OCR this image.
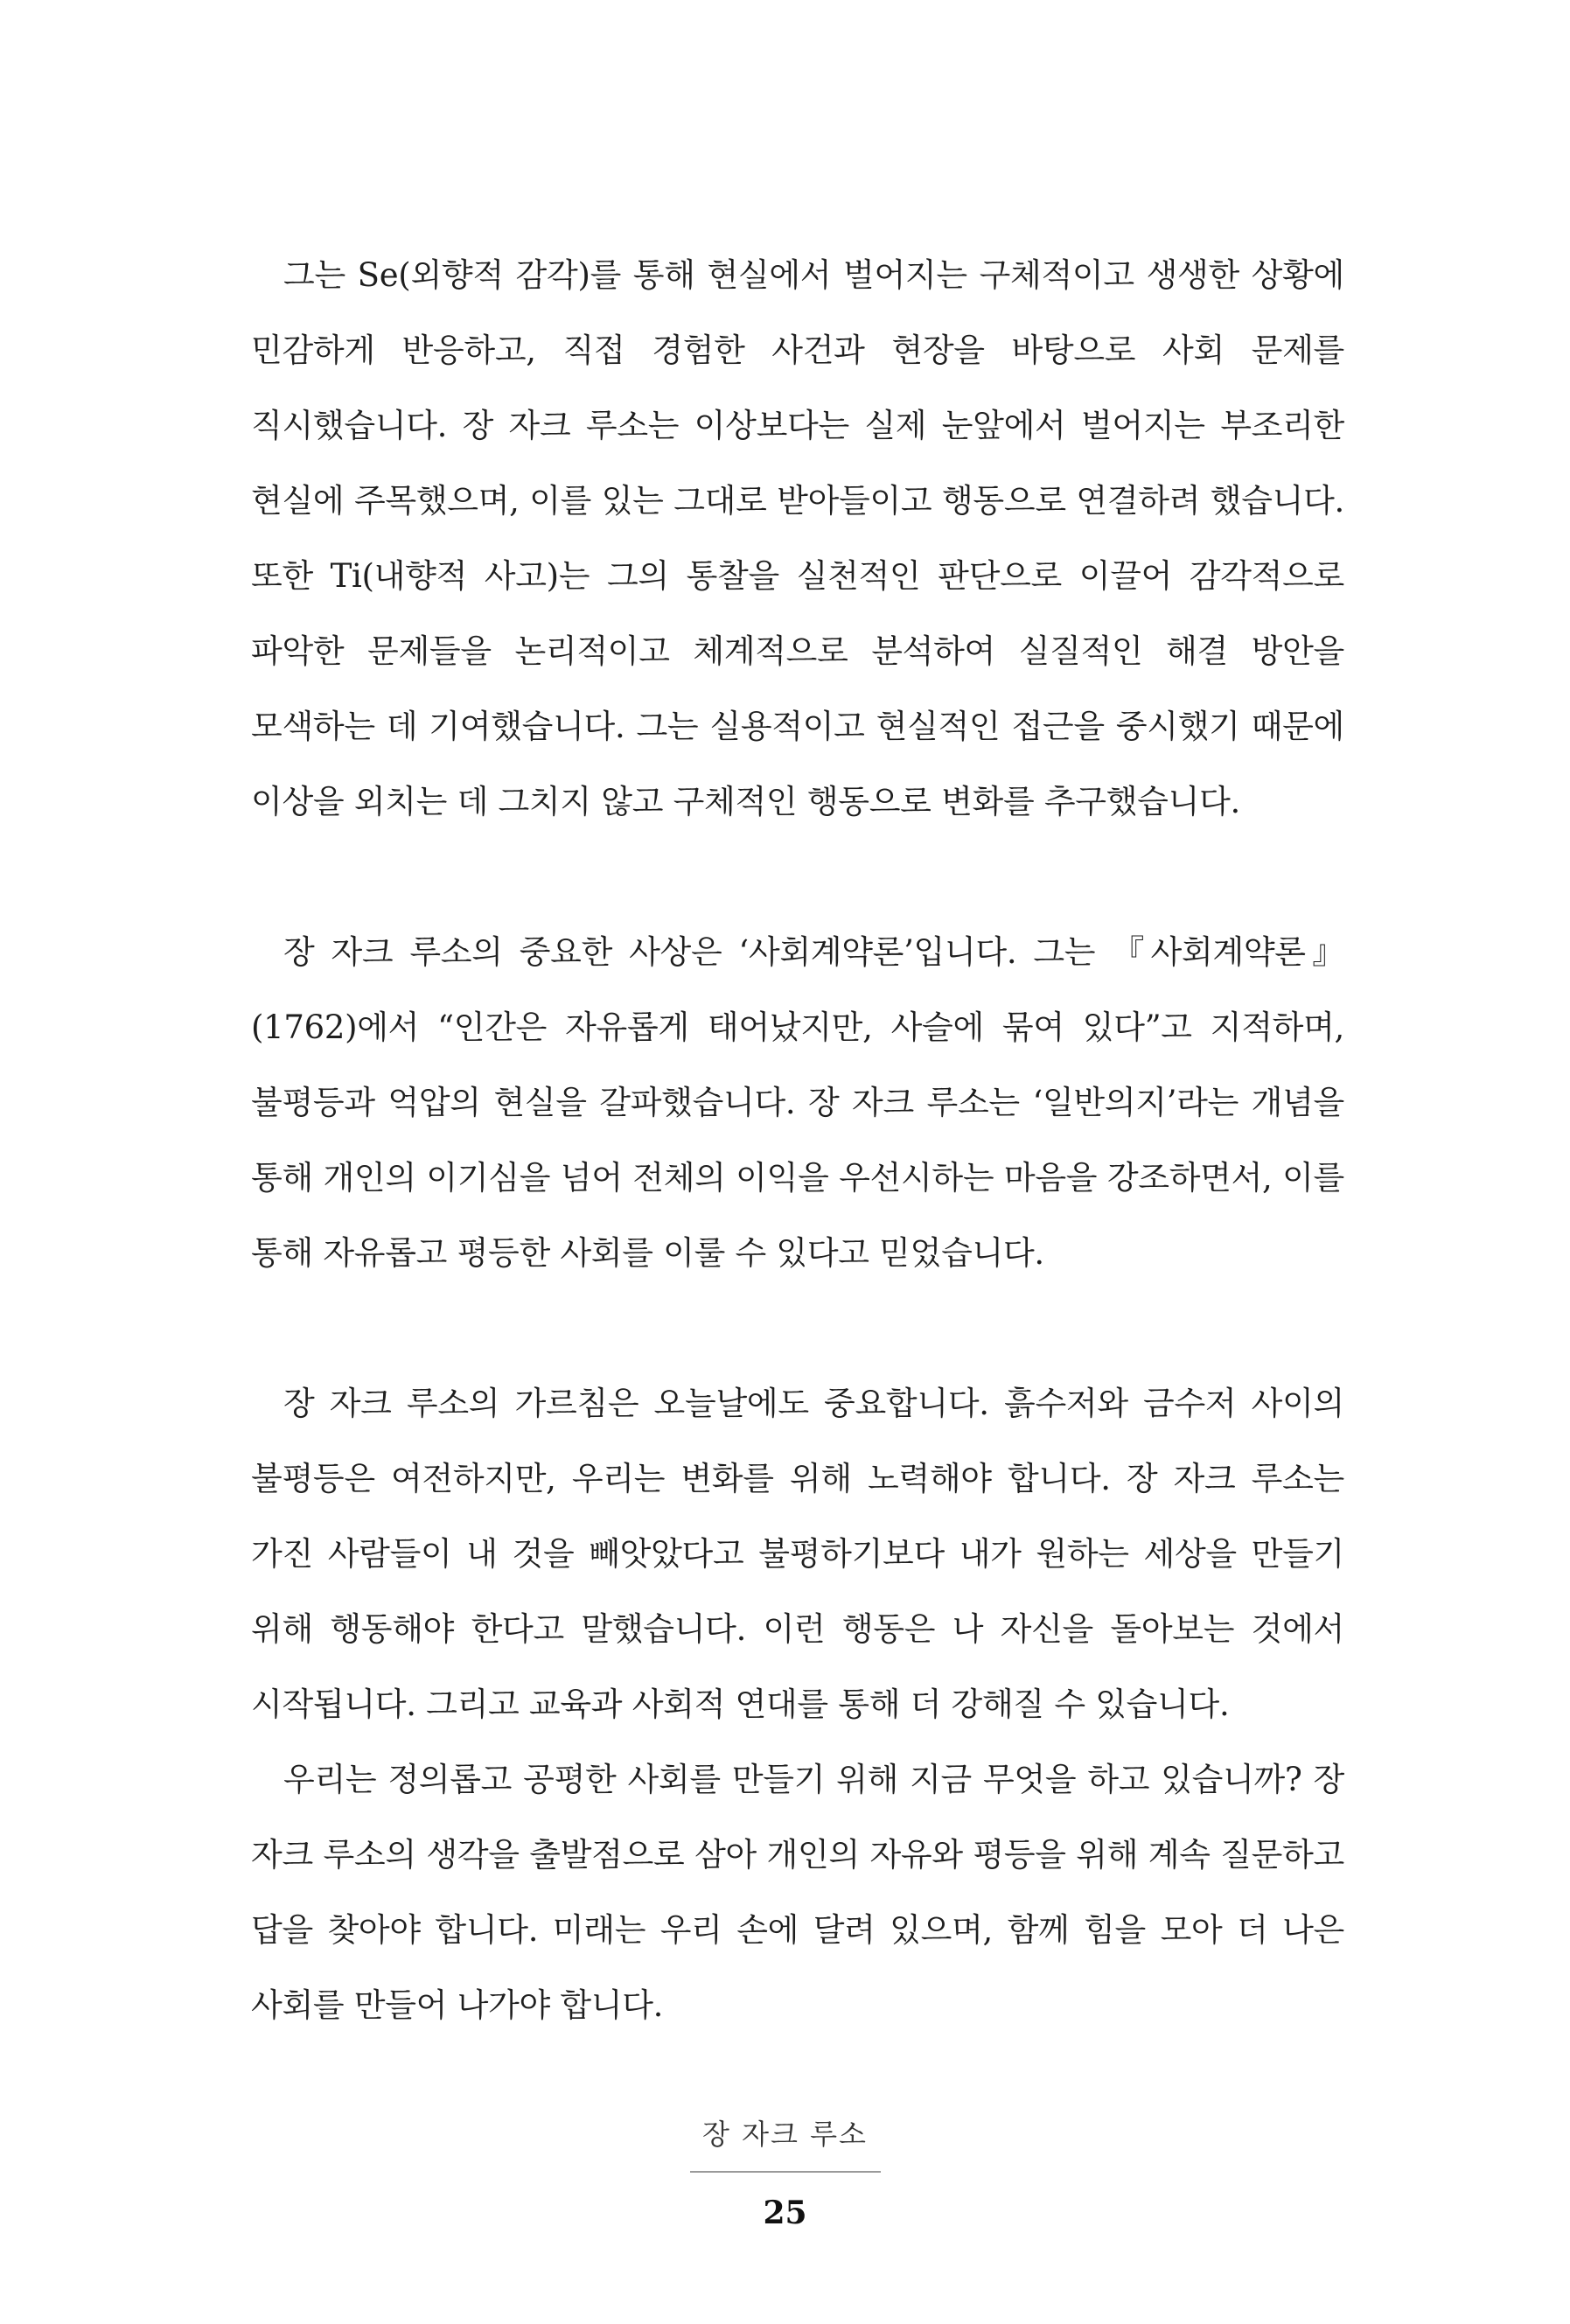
그는 Se(외향적 감각)를 통해 현실에서 벌어지는 구체적이고 생생한 상황에 민감하게 반응하고, 직접 경험한 사건과 현장을 바탕으로 사회 문제를 직시했습니다. 장 자크 루소는 이상보다는 실제 눈앞에서 벌어지는 부조리한 현실에 주목했으며, 이를 있는 그대로 받아들이고 행동으로 연결하려 했습니다. 또한 Ti(내향적 사고)는 그의 통찰을 실천적인 판단으로 이끌어 감각적으로 파악한 문제들을 논리적이고 체계적으로 분석하여 실질적인 해결 방안을 모색하는 데 기여했습니다. 그는 실용적이고 현실적인 접근을 중시했기 때문에 이상을 외치는 데 그치지 않고 구체적인 행동으로 변화를 추구했습니다.

장 자크 루소의 중요한 사상은 ‘사회계약론’입니다. 그는 『사회계약론』(1762)에서 “인간은 자유롭게 태어났지만, 사슬에 묶여 있다”고 지적하며, 불평등과 억압의 현실을 갈파했습니다. 장 자크 루소는 ‘일반의지’라는 개념을 통해 개인의 이기심을 넘어 전체의 이익을 우선시하는 마음을 강조하면서, 이를 통해 자유롭고 평등한 사회를 이룰 수 있다고 믿었습니다.

장 자크 루소의 가르침은 오늘날에도 중요합니다. 흙수저와 금수저 사이의 불평등은 여전하지만, 우리는 변화를 위해 노력해야 합니다. 장 자크 루소는 가진 사람들이 내 것을 빼앗았다고 불평하기보다 내가 원하는 세상을 만들기 위해 행동해야 한다고 말했습니다. 이런 행동은 나 자신을 돌아보는 것에서 시작됩니다. 그리고 교육과 사회적 연대를 통해 더 강해질 수 있습니다.

우리는 정의롭고 공평한 사회를 만들기 위해 지금 무엇을 하고 있습니까? 장 자크 루소의 생각을 출발점으로 삼아 개인의 자유와 평등을 위해 계속 질문하고 답을 찾아야 합니다. 미래는 우리 손에 달려 있으며, 함께 힘을 모아 더 나은 사회를 만들어 나가야 합니다.

장 자크 루소
25
